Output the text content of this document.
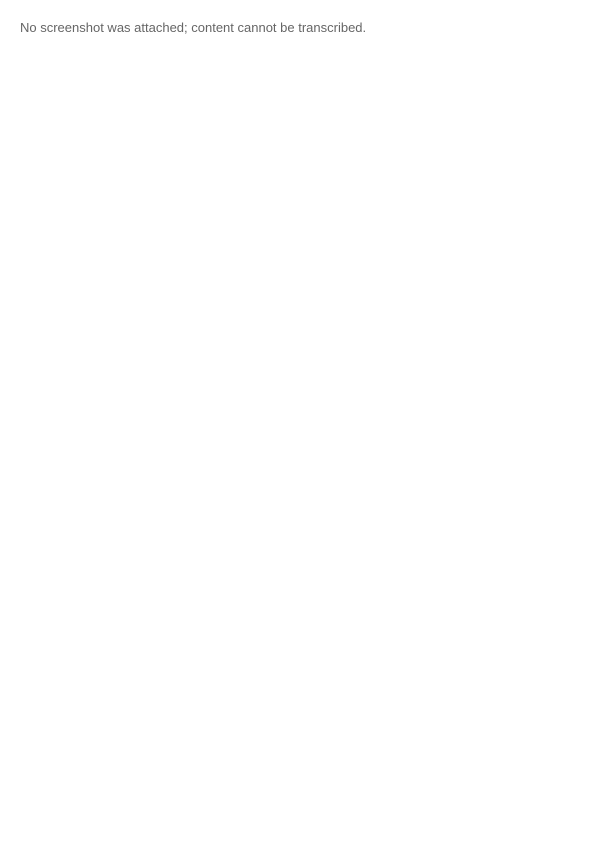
No screenshot was attached; content cannot be transcribed.
